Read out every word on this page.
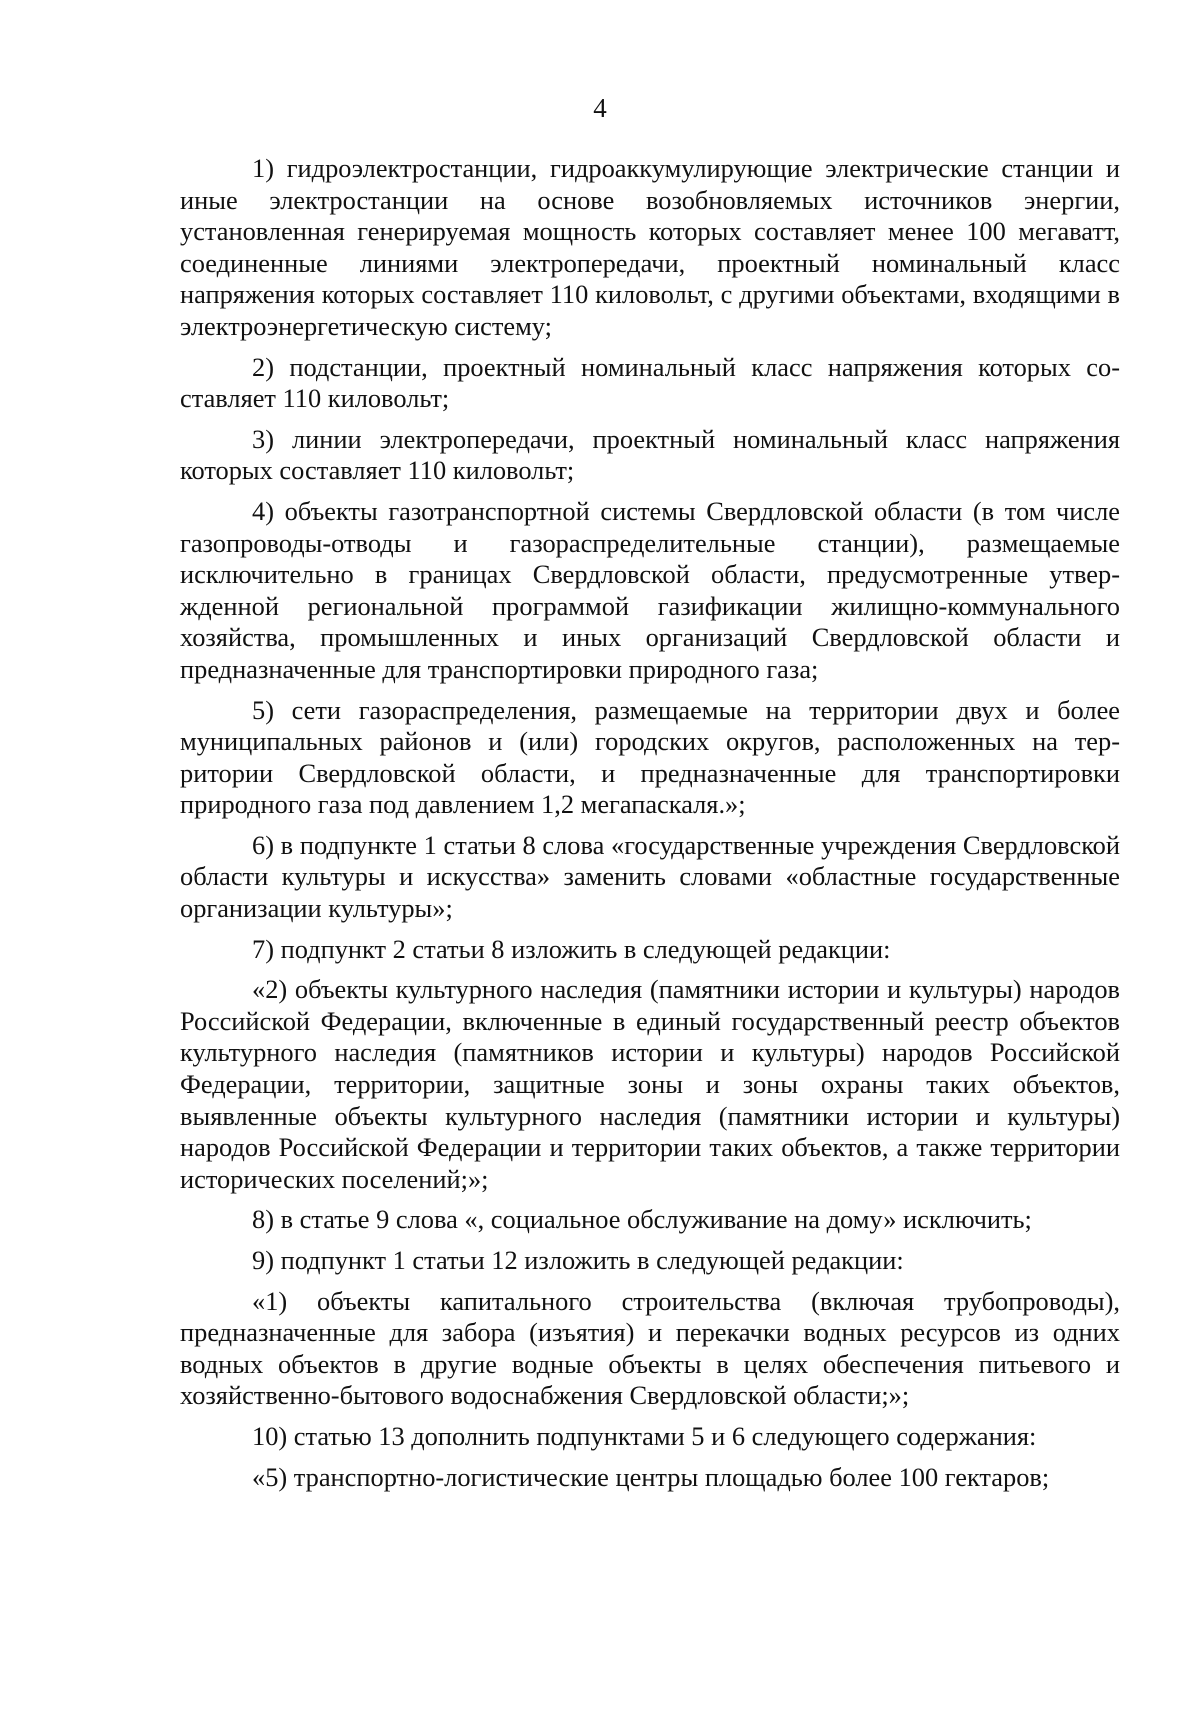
4

1) гидроэлектростанции, гидроаккумулирующие электрические станции и иные электростанции на основе возобновляемых источников энергии, установленная генерируемая мощность которых составляет менее 100 мегаватт, соединенные линиями электропередачи, проектный номинальный класс напряжения которых составляет 110 киловольт, с другими объектами, входящими в электроэнергетическую систему;

2) подстанции, проектный номинальный класс напряжения которых составляет 110 киловольт;

3) линии электропередачи, проектный номинальный класс напряжения которых составляет 110 киловольт;

4) объекты газотранспортной системы Свердловской области (в том числе газопроводы-отводы и газораспределительные станции), размещаемые исключительно в границах Свердловской области, предусмотренные утвержденной региональной программой газификации жилищно-коммунального хозяйства, промышленных и иных организаций Свердловской области и предназначенные для транспортировки природного газа;

5) сети газораспределения, размещаемые на территории двух и более муниципальных районов и (или) городских округов, расположенных на территории Свердловской области, и предназначенные для транспортировки природного газа под давлением 1,2 мегапаскаля.»;

6) в подпункте 1 статьи 8 слова «государственные учреждения Свердловской области культуры и искусства» заменить словами «областные государственные организации культуры»;

7) подпункт 2 статьи 8 изложить в следующей редакции:

«2) объекты культурного наследия (памятники истории и культуры) народов Российской Федерации, включенные в единый государственный реестр объектов культурного наследия (памятников истории и культуры) народов Российской Федерации, территории, защитные зоны и зоны охраны таких объектов, выявленные объекты культурного наследия (памятники истории и культуры) народов Российской Федерации и территории таких объектов, а также территории исторических поселений;»;

8) в статье 9 слова «, социальное обслуживание на дому» исключить;

9) подпункт 1 статьи 12 изложить в следующей редакции:

«1) объекты капитального строительства (включая трубопроводы), предназначенные для забора (изъятия) и перекачки водных ресурсов из одних водных объектов в другие водные объекты в целях обеспечения питьевого и хозяйственно-бытового водоснабжения Свердловской области;»;

10) статью 13 дополнить подпунктами 5 и 6 следующего содержания:

«5) транспортно-логистические центры площадью более 100 гектаров;
